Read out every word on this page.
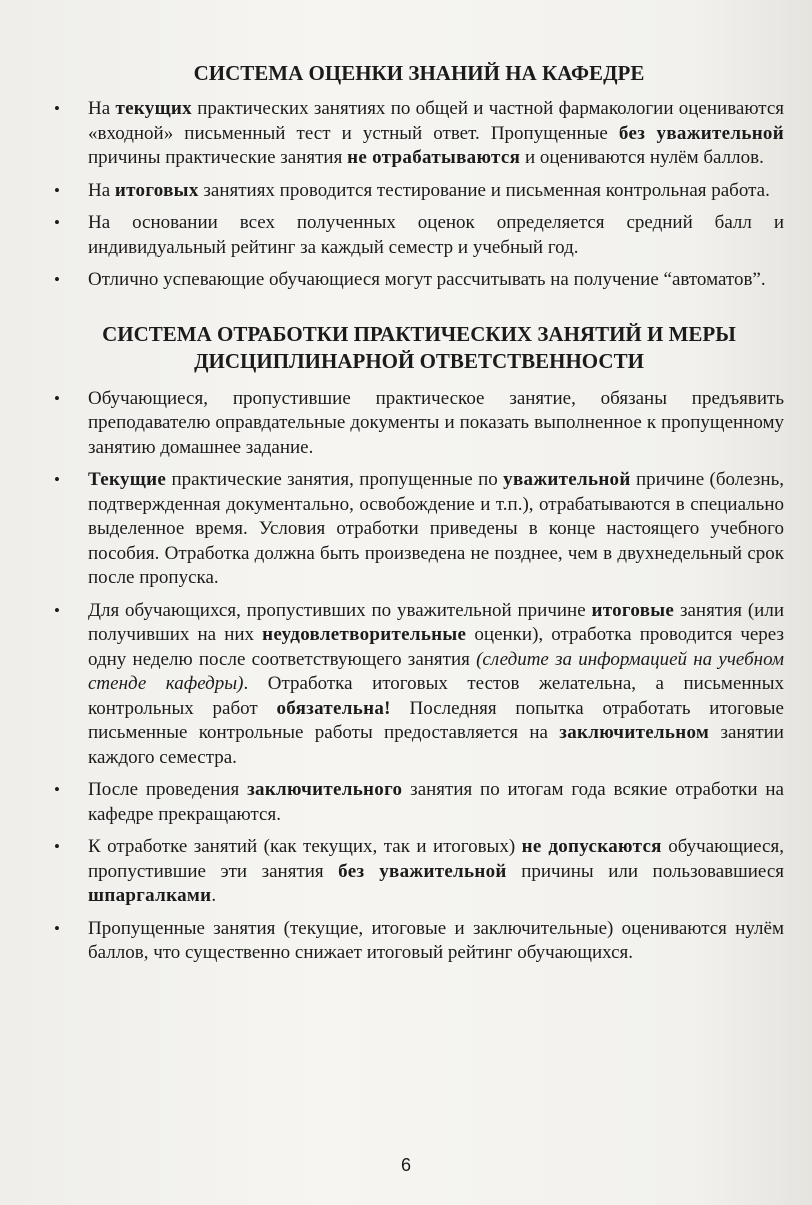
СИСТЕМА ОЦЕНКИ ЗНАНИЙ НА КАФЕДРЕ
• На текущих практических занятиях по общей и частной фармакологии оцениваются «входной» письменный тест и устный ответ. Пропущенные без уважительной причины практические занятия не отрабатываются и оцениваются нулём баллов.
• На итоговых занятиях проводится тестирование и письменная контрольная работа.
• На основании всех полученных оценок определяется средний балл и индивидуальный рейтинг за каждый семестр и учебный год.
• Отлично успевающие обучающиеся могут рассчитывать на получение “автоматов”.
СИСТЕМА ОТРАБОТКИ ПРАКТИЧЕСКИХ ЗАНЯТИЙ И МЕРЫ
ДИСЦИПЛИНАРНОЙ ОТВЕТСТВЕННОСТИ
• Обучающиеся, пропустившие практическое занятие, обязаны предъявить преподавателю оправдательные документы и показать выполненное к пропущенному занятию домашнее задание.
• Текущие практические занятия, пропущенные по уважительной причине (болезнь, подтвержденная документально, освобождение и т.п.), отрабатываются в специально выделенное время. Условия отработки приведены в конце настоящего учебного пособия. Отработка должна быть произведена не позднее, чем в двухнедельный срок после пропуска.
• Для обучающихся, пропустивших по уважительной причине итоговые занятия (или получивших на них неудовлетворительные оценки), отработка проводится через одну неделю после соответствующего занятия (следите за информацией на учебном стенде кафедры). Отработка итоговых тестов желательна, а письменных контрольных работ обязательна! Последняя попытка отработать итоговые письменные контрольные работы предоставляется на заключительном занятии каждого семестра.
• После проведения заключительного занятия по итогам года всякие отработки на кафедре прекращаются.
• К отработке занятий (как текущих, так и итоговых) не допускаются обучающиеся, пропустившие эти занятия без уважительной причины или пользовавшиеся шпаргалками.
• Пропущенные занятия (текущие, итоговые и заключительные) оцениваются нулём баллов, что существенно снижает итоговый рейтинг обучающихся.
6
